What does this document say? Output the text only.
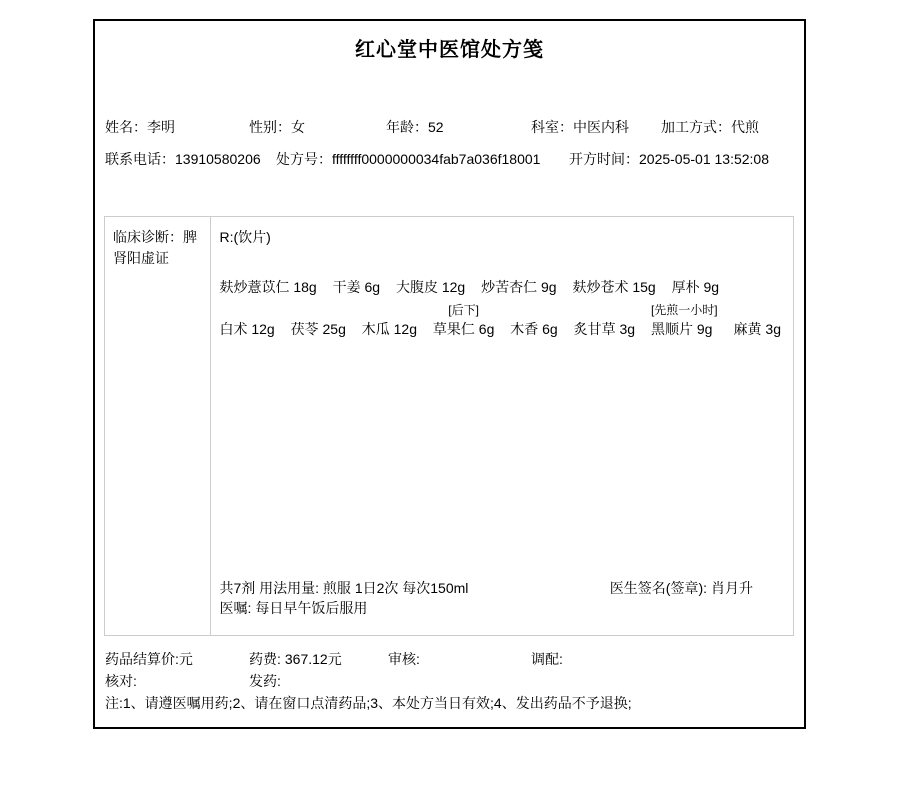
红心堂中医馆处方笺
姓名：李明	性别：女	年龄：52	科室：中医内科	加工方式：代煎
联系电话：13910580206	处方号：ffffffff0000000034fab7a036f18001	开方时间：2025-05-01 13:52:08
临床诊断：脾肾阳虚证
R:(饮片)
麸炒薏苡仁 18g
干姜 6g
大腹皮 12g
炒苦杏仁 9g
麸炒苍术 15g
厚朴 9g
白术 12g
茯苓 25g
木瓜 12g

[后下]
草果仁 6g
木香 6g
炙甘草 3g

[先煎一小时]
黑顺片 9g
	麻黄 3g
共7剂 用法用量: 煎服 1日2次 每次150ml
医嘱: 每日早午饭后服用
医生签名(签章): 肖月升
药品结算价:元	药费: 367.12元	审核:	调配:
核对:	发药:
注:1、请遵医嘱用药;2、请在窗口点清药品;3、本处方当日有效;4、发出药品不予退换;
